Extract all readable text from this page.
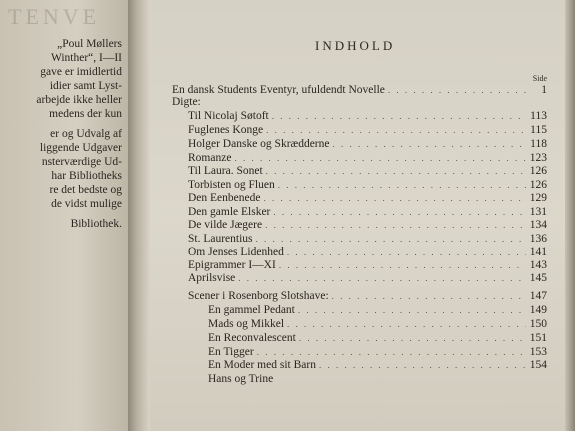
TENVE
„Poul Møllers
Winther“, I—II
gave er imidlertid
idier samt Lyst-
arbejde ikke heller
medens der kun
er og Udvalg af
liggende Udgaver
nsterværdige Ud-
har Bibliotheks
re det bedste og
de vidst mulige
Bibliothek.
INDHOLD
Side
En dansk Students Eventyr, ufuldendt Novelle . . .	1
Digte:
Til Nicolaj Søtoft . . .	113
Fuglenes Konge . . .	115
Holger Danske og Skrædderne . . .	118
Romanze . . .	123
Til Laura. Sonet . . .	126
Torbisten og Fluen . . .	126
Den Eenbenede . . .	129
Den gamle Elsker . . .	131
De vilde Jægere . . .	134
St. Laurentius . . .	136
Om Jenses Lidenhed . . .	141
Epigrammer I—XI . . .	143
Aprilsvise . . .	145
Scener i Rosenborg Slotshave: . . .	147
En gammel Pedant . . .	149
Mads og Mikkel . . .	150
En Reconvalescent . . .	151
En Tigger . . .	153
En Moder med sit Barn . . .	154
Hans og Trine
